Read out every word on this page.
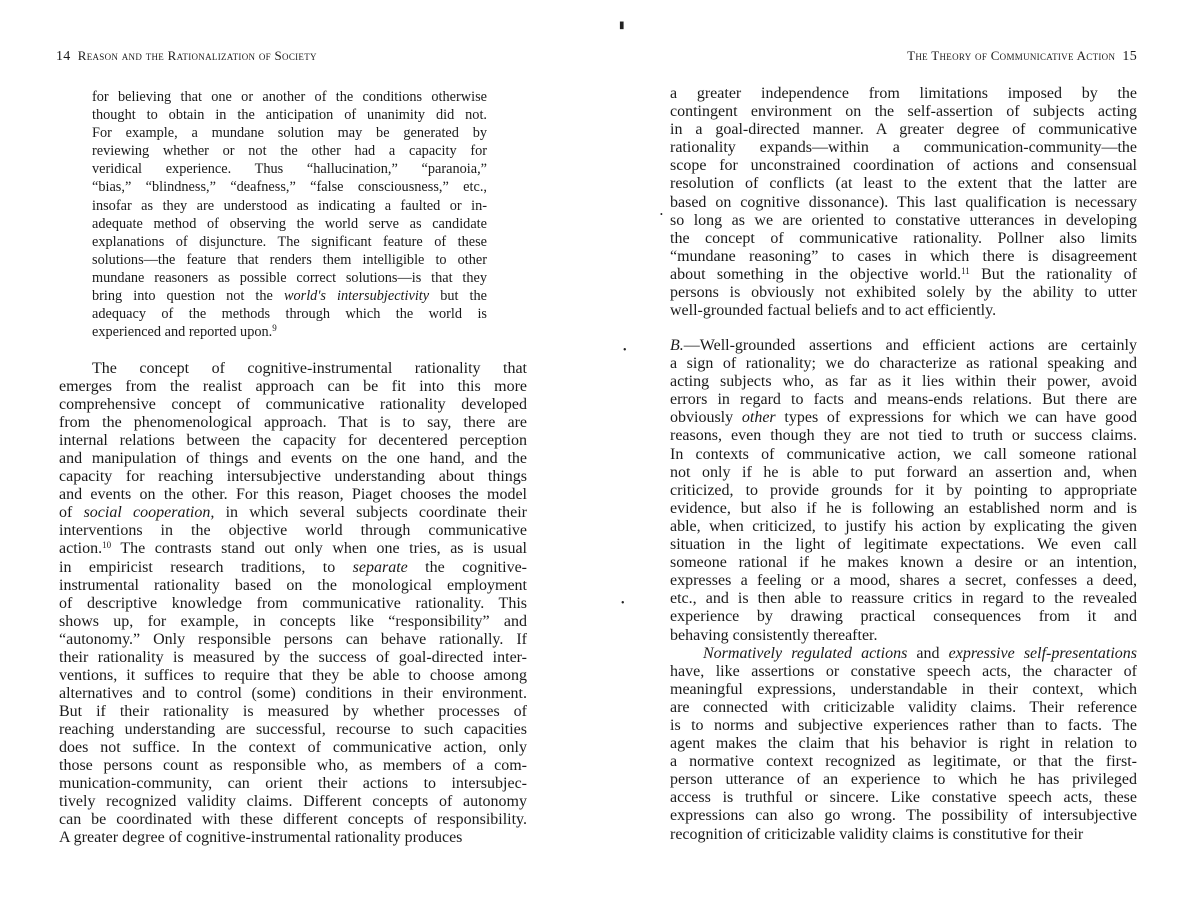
14 Reason and the Rationalization of Society
for believing that one or another of the conditions otherwise
thought to obtain in the anticipation of unanimity did not.
For example, a mundane solution may be generated by
reviewing whether or not the other had a capacity for
veridical experience. Thus “hallucination,” “paranoia,”
“bias,” “blindness,” “deafness,” “false consciousness,” etc.,
insofar as they are understood as indicating a faulted or in-
adequate method of observing the world serve as candidate
explanations of disjuncture. The significant feature of these
solutions—the feature that renders them intelligible to other
mundane reasoners as possible correct solutions—is that they
bring into question not the world's intersubjectivity but the
adequacy of the methods through which the world is
experienced and reported upon.$^9$
The concept of cognitive-instrumental rationality that
emerges from the realist approach can be fit into this more
comprehensive concept of communicative rationality developed
from the phenomenological approach. That is to say, there are
internal relations between the capacity for decentered perception
and manipulation of things and events on the one hand, and the
capacity for reaching intersubjective understanding about things
and events on the other. For this reason, Piaget chooses the model
of social cooperation, in which several subjects coordinate their
interventions in the objective world through communicative
action.$^{10}$ The contrasts stand out only when one tries, as is usual
in empiricist research traditions, to separate the cognitive-
instrumental rationality based on the monological employment
of descriptive knowledge from communicative rationality. This
shows up, for example, in concepts like “responsibility” and
“autonomy.” Only responsible persons can behave rationally. If
their rationality is measured by the success of goal-directed inter-
ventions, it suffices to require that they be able to choose among
alternatives and to control (some) conditions in their environment.
But if their rationality is measured by whether processes of
reaching understanding are successful, recourse to such capacities
does not suffice. In the context of communicative action, only
those persons count as responsible who, as members of a com-
munication-community, can orient their actions to intersubjec-
tively recognized validity claims. Different concepts of autonomy
can be coordinated with these different concepts of responsibility.
A greater degree of cognitive-instrumental rationality produces
The Theory of Communicative Action 15
a greater independence from limitations imposed by the
contingent environment on the self-assertion of subjects acting
in a goal-directed manner. A greater degree of communicative
rationality expands—within a communication-community—the
scope for unconstrained coordination of actions and consensual
resolution of conflicts (at least to the extent that the latter are
based on cognitive dissonance). This last qualification is necessary
so long as we are oriented to constative utterances in developing
the concept of communicative rationality. Pollner also limits
“mundane reasoning” to cases in which there is disagreement
about something in the objective world.$^{11}$ But the rationality of
persons is obviously not exhibited solely by the ability to utter
well-grounded factual beliefs and to act efficiently.
B.—Well-grounded assertions and efficient actions are certainly
a sign of rationality; we do characterize as rational speaking and
acting subjects who, as far as it lies within their power, avoid
errors in regard to facts and means-ends relations. But there are
obviously other types of expressions for which we can have good
reasons, even though they are not tied to truth or success claims.
In contexts of communicative action, we call someone rational
not only if he is able to put forward an assertion and, when
criticized, to provide grounds for it by pointing to appropriate
evidence, but also if he is following an established norm and is
able, when criticized, to justify his action by explicating the given
situation in the light of legitimate expectations. We even call
someone rational if he makes known a desire or an intention,
expresses a feeling or a mood, shares a secret, confesses a deed,
etc., and is then able to reassure critics in regard to the revealed
experience by drawing practical consequences from it and
behaving consistently thereafter.
Normatively regulated actions and expressive self-presentations
have, like assertions or constative speech acts, the character of
meaningful expressions, understandable in their context, which
are connected with criticizable validity claims. Their reference
is to norms and subjective experiences rather than to facts. The
agent makes the claim that his behavior is right in relation to
a normative context recognized as legitimate, or that the first-
person utterance of an experience to which he has privileged
access is truthful or sincere. Like constative speech acts, these
expressions can also go wrong. The possibility of intersubjective
recognition of criticizable validity claims is constitutive for their
▮
•
•
•
